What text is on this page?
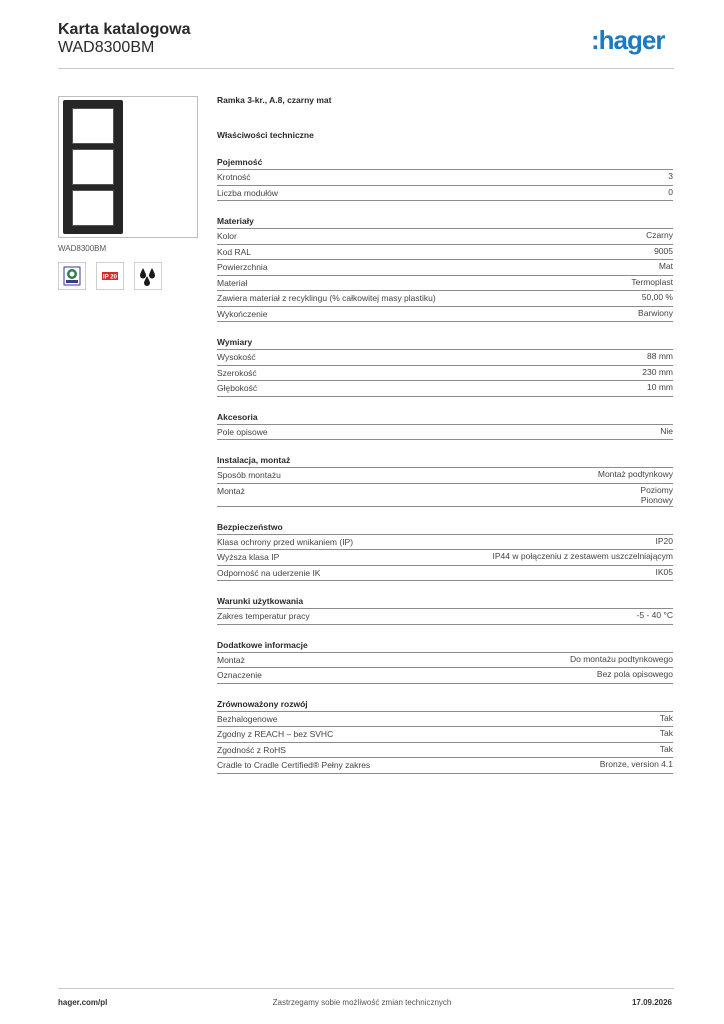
Karta katalogowa
WAD8300BM	:hager
WAD8300BM
IP 20
Ramka 3-kr., A.8, czarny mat
Właściwości techniczne
Pojemność
Krotność	3
Liczba modułów	0
Materiały
Kolor	Czarny
Kod RAL	9005
Powierzchnia	Mat
Materiał	Termoplast
Zawiera materiał z recyklingu (% całkowitej masy plastiku)	50,00 %
Wykończenie	Barwiony
Wymiary
Wysokość	88 mm
Szerokość	230 mm
Głębokość	10 mm
Akcesoria
Pole opisowe	Nie
Instalacja, montaż
Sposób montażu	Montaż podtynkowy
Montaż	Poziomy
Pionowy
Bezpieczeństwo
Klasa ochrony przed wnikaniem (IP)	IP20
Wyższa klasa IP	IP44 w połączeniu z zestawem uszczelniającym
Odporność na uderzenie IK	IK05
Warunki użytkowania
Zakres temperatur pracy	-5 - 40 °C
Dodatkowe informacje
Montaż	Do montażu podtynkowego
Oznaczenie	Bez pola opisowego
Zrównoważony rozwój
Bezhalogenowe	Tak
Zgodny z REACH – bez SVHC	Tak
Zgodność z RoHS	Tak
Cradle to Cradle Certified® Pełny zakres	Bronze, version 4.1
hager.com/pl	Zastrzegamy sobie możliwość zmian technicznych	17.09.2026
